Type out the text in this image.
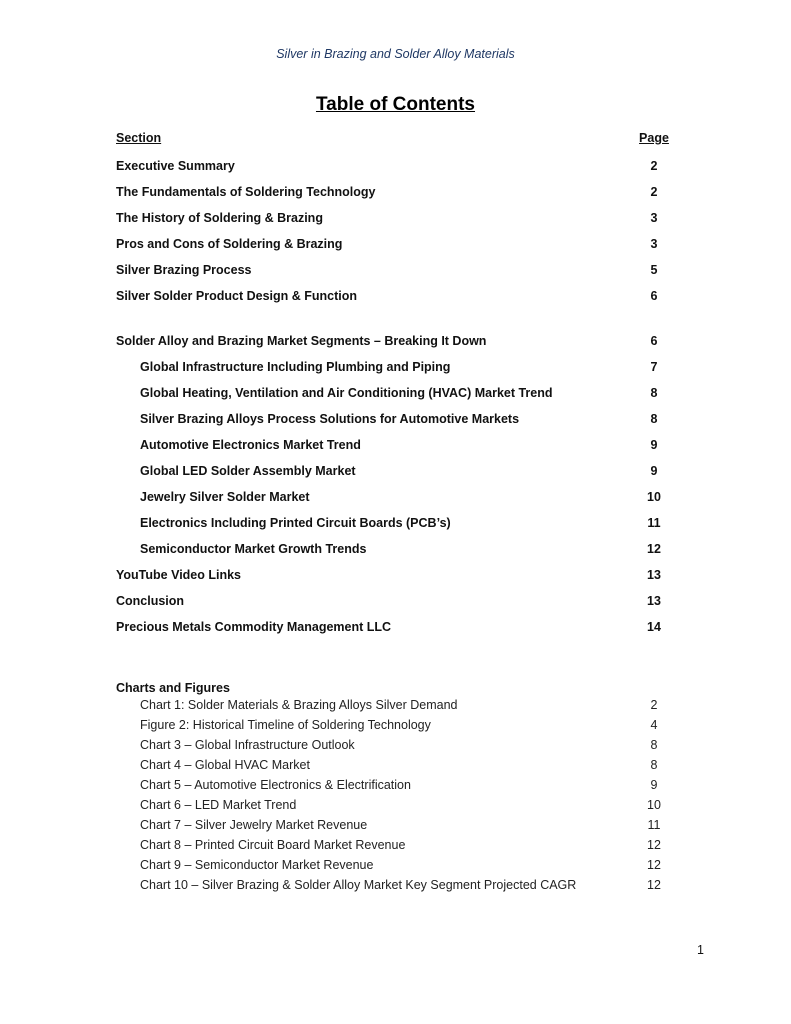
Silver in Brazing and Solder Alloy Materials
Table of Contents
Section	Page
Executive Summary	2
The Fundamentals of Soldering Technology	2
The History of Soldering & Brazing	3
Pros and Cons of Soldering & Brazing	3
Silver Brazing Process	5
Silver Solder Product Design & Function	6
Solder Alloy and Brazing Market Segments – Breaking It Down	6
Global Infrastructure Including Plumbing and Piping	7
Global Heating, Ventilation and Air Conditioning (HVAC) Market Trend	8
Silver Brazing Alloys Process Solutions for Automotive Markets	8
Automotive Electronics Market Trend	9
Global LED Solder Assembly Market	9
Jewelry Silver Solder Market	10
Electronics Including Printed Circuit Boards (PCB’s)	11
Semiconductor Market Growth Trends	12
YouTube Video Links	13
Conclusion	13
Precious Metals Commodity Management LLC	14
Charts and Figures
Chart 1: Solder Materials & Brazing Alloys Silver Demand	2
Figure 2: Historical Timeline of Soldering Technology	4
Chart 3 – Global Infrastructure Outlook	8
Chart 4 – Global HVAC Market	8
Chart 5 – Automotive Electronics & Electrification	9
Chart 6 – LED Market Trend	10
Chart 7 – Silver Jewelry Market Revenue	11
Chart 8 – Printed Circuit Board Market Revenue	12
Chart 9 – Semiconductor Market Revenue	12
Chart 10 – Silver Brazing & Solder Alloy Market Key Segment Projected CAGR	12
1
